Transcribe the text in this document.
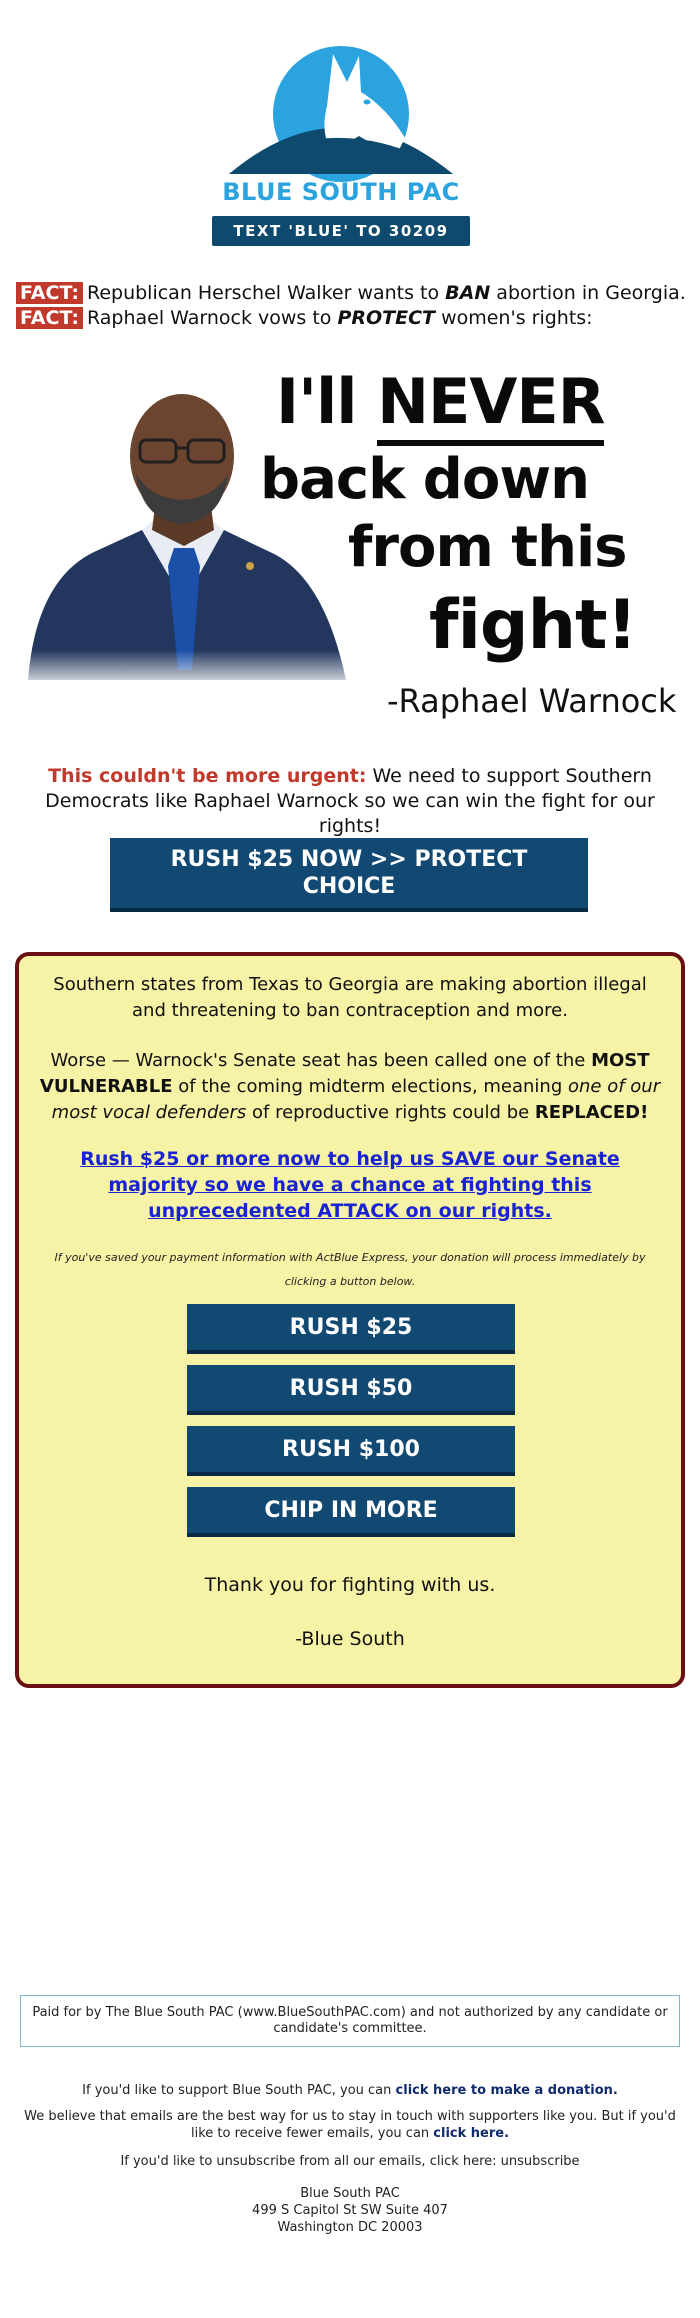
BLUE SOUTH PAC
TEXT 'BLUE' TO 30209
FACT: Republican Herschel Walker wants to BAN abortion in Georgia.
FACT: Raphael Warnock vows to PROTECT women's rights:
I'll NEVER
back down
from this
fight!
-Raphael Warnock
This couldn't be more urgent: We need to support Southern Democrats like Raphael Warnock so we can win the fight for our rights!
RUSH $25 NOW >> PROTECT CHOICE
Southern states from Texas to Georgia are making abortion illegal and threatening to ban contraception and more.
Worse — Warnock's Senate seat has been called one of the MOST VULNERABLE of the coming midterm elections, meaning one of our most vocal defenders of reproductive rights could be REPLACED!
Rush $25 or more now to help us SAVE our Senate majority so we have a chance at fighting this unprecedented ATTACK on our rights.
If you've saved your payment information with ActBlue Express, your donation will process immediately by clicking a button below.
RUSH $25
RUSH $50
RUSH $100
CHIP IN MORE
Thank you for fighting with us.
-Blue South
Paid for by The Blue South PAC (www.BlueSouthPAC.com) and not authorized by any candidate or candidate's committee.
If you'd like to support Blue South PAC, you can click here to make a donation.
We believe that emails are the best way for us to stay in touch with supporters like you. But if you'd like to receive fewer emails, you can click here.
If you'd like to unsubscribe from all our emails, click here: unsubscribe
Blue South PAC
499 S Capitol St SW Suite 407
Washington DC 20003
